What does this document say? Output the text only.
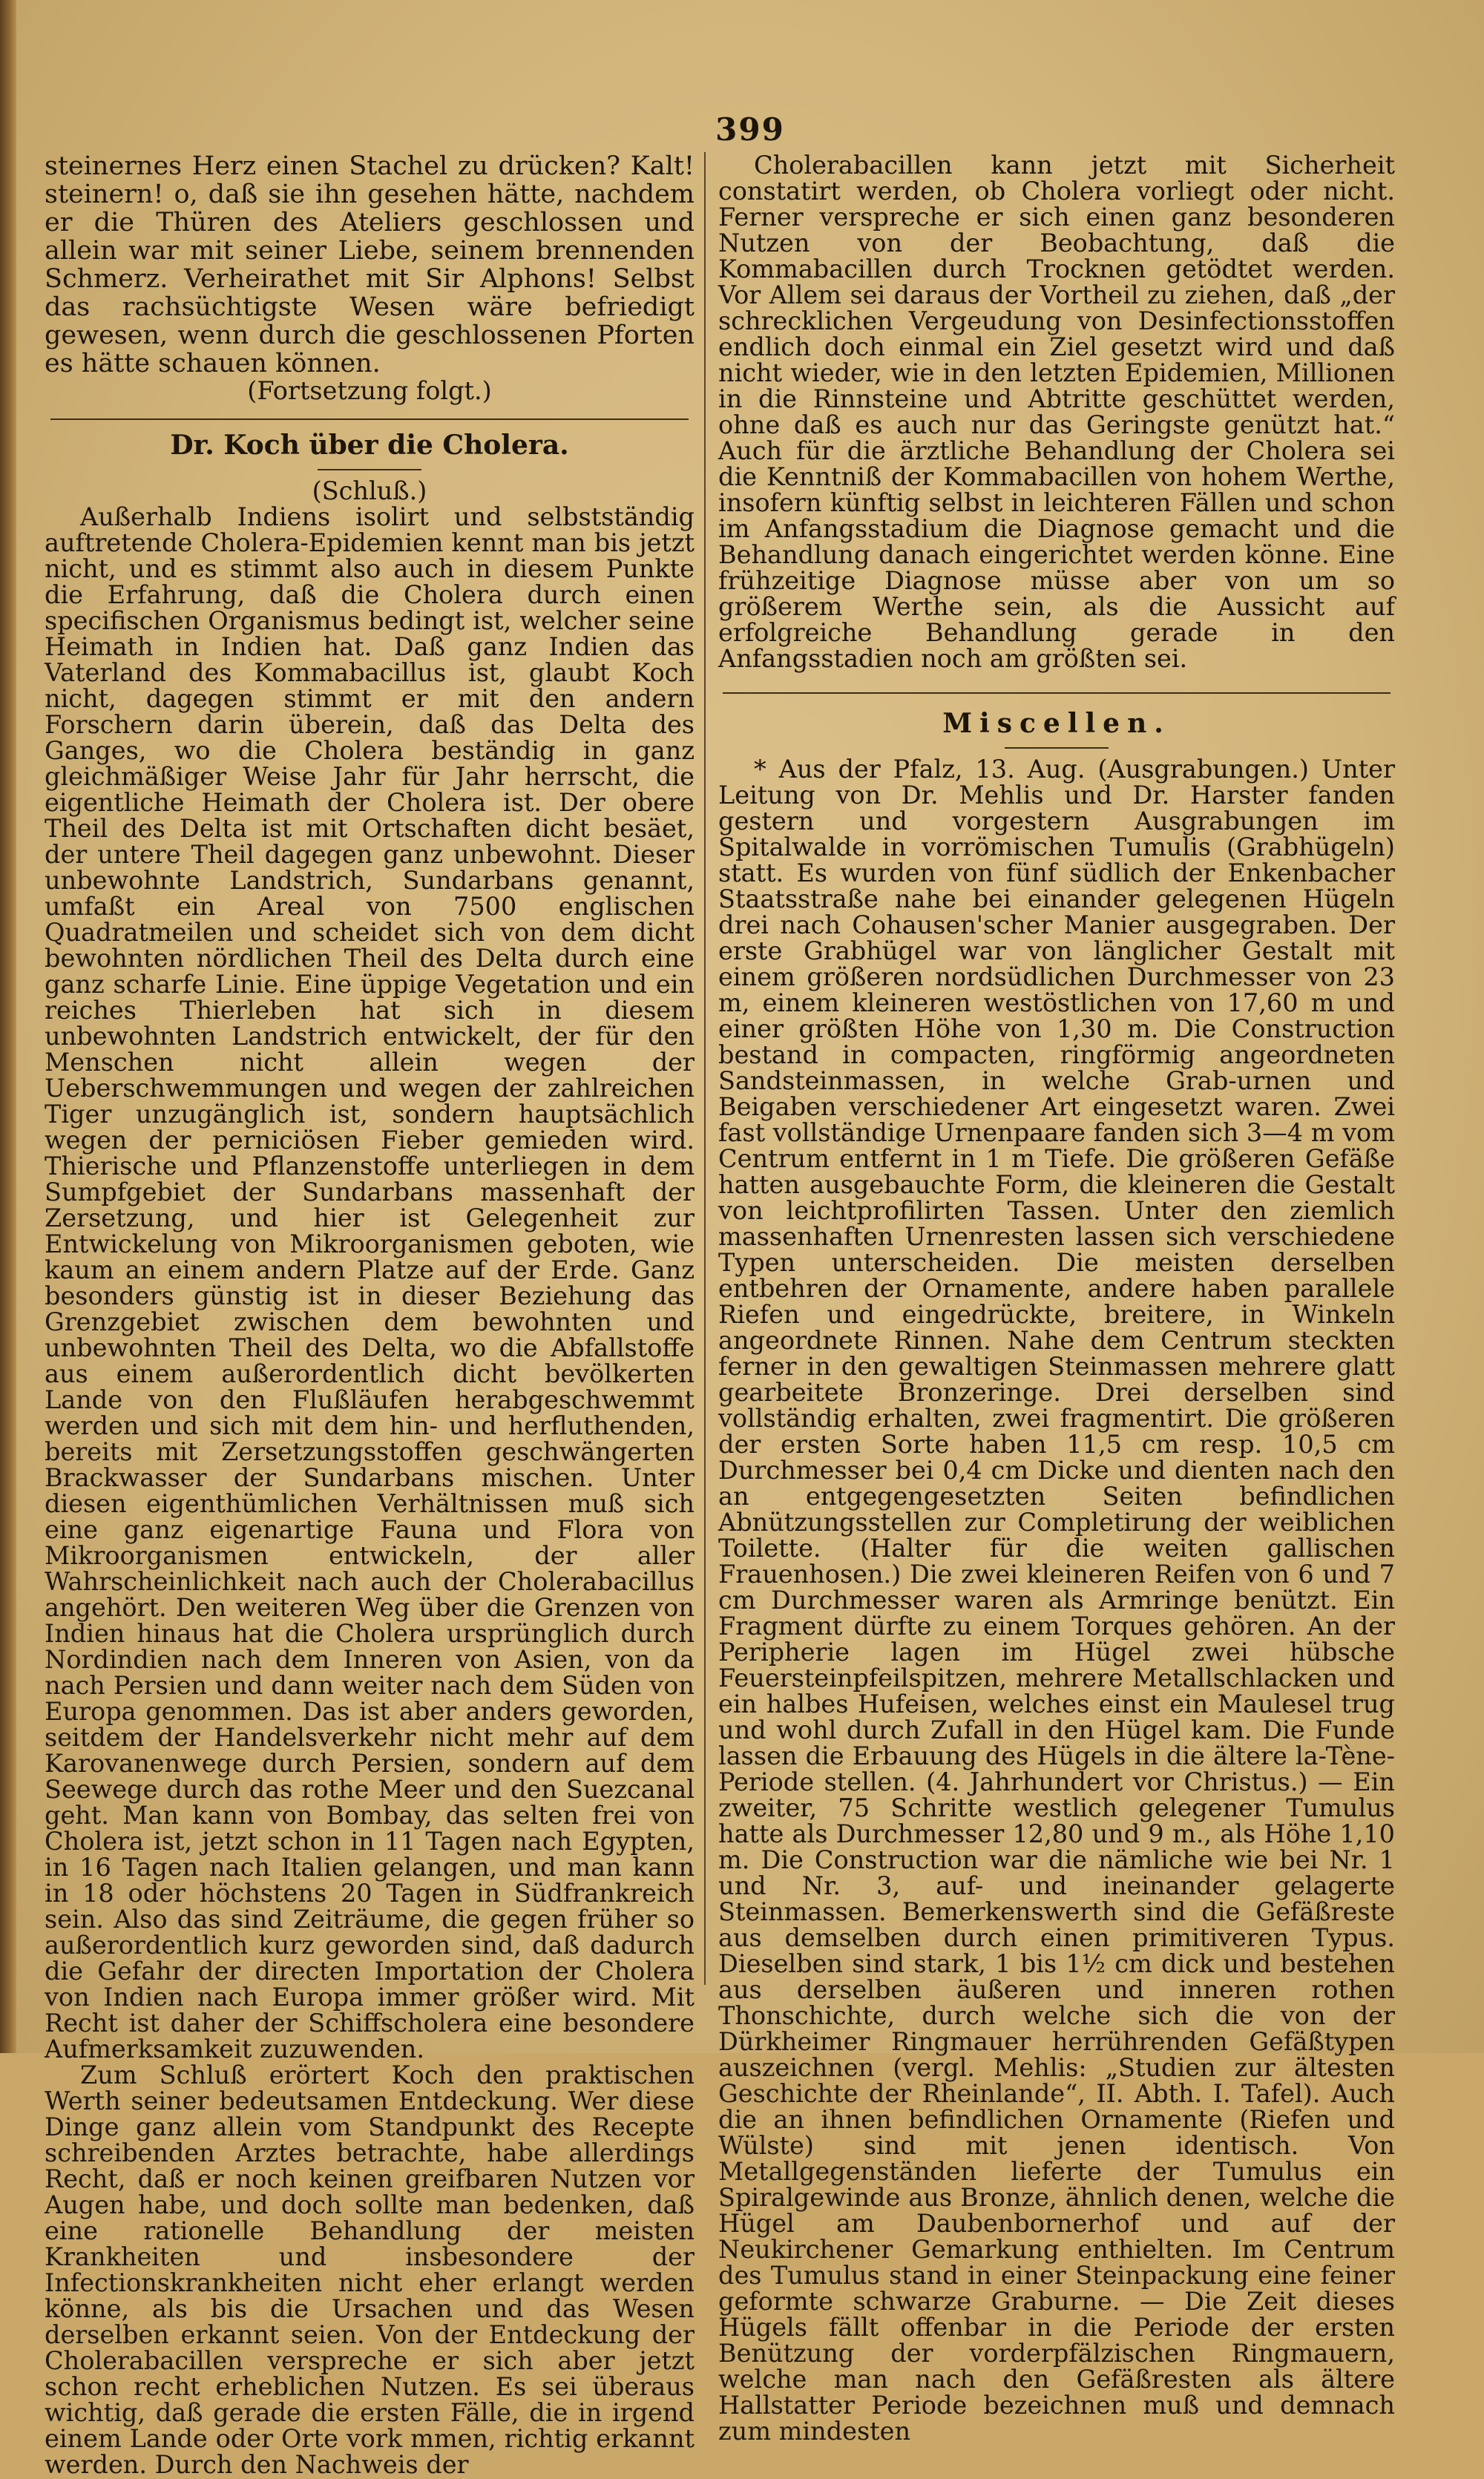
399

steinernes Herz einen Stachel zu drücken? Kalt! steinern! o, daß sie ihn gesehen hätte, nachdem er die Thüren des Ateliers geschlossen und allein war mit seiner Liebe, seinem brennenden Schmerz. Verheirathet mit Sir Alphons! Selbst das rachsüchtigste Wesen wäre befriedigt gewesen, wenn durch die geschlossenen Pforten es hätte schauen können.

(Fortsetzung folgt.)

Dr. Koch über die Cholera.

(Schluß.)

Außerhalb Indiens isolirt und selbstständig auftretende Cholera-Epidemien kennt man bis jetzt nicht, und es stimmt also auch in diesem Punkte die Erfahrung, daß die Cholera durch einen specifischen Organismus bedingt ist, welcher seine Heimath in Indien hat. Daß ganz Indien das Vaterland des Kommabacillus ist, glaubt Koch nicht, dagegen stimmt er mit den andern Forschern darin überein, daß das Delta des Ganges, wo die Cholera beständig in ganz gleichmäßiger Weise Jahr für Jahr herrscht, die eigentliche Heimath der Cholera ist. Der obere Theil des Delta ist mit Ortschaften dicht besäet, der untere Theil dagegen ganz unbewohnt. Dieser unbewohnte Landstrich, Sundarbans genannt, umfaßt ein Areal von 7500 englischen Quadratmeilen und scheidet sich von dem dicht bewohnten nördlichen Theil des Delta durch eine ganz scharfe Linie. Eine üppige Vegetation und ein reiches Thierleben hat sich in diesem unbewohnten Landstrich entwickelt, der für den Menschen nicht allein wegen der Ueberschwemmungen und wegen der zahlreichen Tiger unzugänglich ist, sondern hauptsächlich wegen der perniciösen Fieber gemieden wird. Thierische und Pflanzenstoffe unterliegen in dem Sumpfgebiet der Sundarbans massenhaft der Zersetzung, und hier ist Gelegenheit zur Entwickelung von Mikroorganismen geboten, wie kaum an einem andern Platze auf der Erde. Ganz besonders günstig ist in dieser Beziehung das Grenzgebiet zwischen dem bewohnten und unbewohnten Theil des Delta, wo die Abfallstoffe aus einem außerordentlich dicht bevölkerten Lande von den Flußläufen herabgeschwemmt werden und sich mit dem hin- und herfluthenden, bereits mit Zersetzungsstoffen geschwängerten Brackwasser der Sundarbans mischen. Unter diesen eigenthümlichen Verhältnissen muß sich eine ganz eigenartige Fauna und Flora von Mikroorganismen entwickeln, der aller Wahrscheinlichkeit nach auch der Cholerabacillus angehört. Den weiteren Weg über die Grenzen von Indien hinaus hat die Cholera ursprünglich durch Nordindien nach dem Inneren von Asien, von da nach Persien und dann weiter nach dem Süden von Europa genommen. Das ist aber anders geworden, seitdem der Handelsverkehr nicht mehr auf dem Karovanenwege durch Persien, sondern auf dem Seewege durch das rothe Meer und den Suezcanal geht. Man kann von Bombay, das selten frei von Cholera ist, jetzt schon in 11 Tagen nach Egypten, in 16 Tagen nach Italien gelangen, und man kann in 18 oder höchstens 20 Tagen in Südfrankreich sein. Also das sind Zeiträume, die gegen früher so außerordentlich kurz geworden sind, daß dadurch die Gefahr der directen Importation der Cholera von Indien nach Europa immer größer wird. Mit Recht ist daher der Schiffscholera eine besondere Aufmerksamkeit zuzuwenden.

Zum Schluß erörtert Koch den praktischen Werth seiner bedeutsamen Entdeckung. Wer diese Dinge ganz allein vom Standpunkt des Recepte schreibenden Arztes betrachte, habe allerdings Recht, daß er noch keinen greifbaren Nutzen vor Augen habe, und doch sollte man bedenken, daß eine rationelle Behandlung der meisten Krankheiten und insbesondere der Infectionskrankheiten nicht eher erlangt werden könne, als bis die Ursachen und das Wesen derselben erkannt seien. Von der Entdeckung der Cholerabacillen verspreche er sich aber jetzt schon recht erheblichen Nutzen. Es sei überaus wichtig, daß gerade die ersten Fälle, die in irgend einem Lande oder Orte vork mmen, richtig erkannt werden. Durch den Nachweis der

Cholerabacillen kann jetzt mit Sicherheit constatirt werden, ob Cholera vorliegt oder nicht. Ferner verspreche er sich einen ganz besonderen Nutzen von der Beobachtung, daß die Kommabacillen durch Trocknen getödtet werden. Vor Allem sei daraus der Vortheil zu ziehen, daß „der schrecklichen Vergeudung von Desinfectionsstoffen endlich doch einmal ein Ziel gesetzt wird und daß nicht wieder, wie in den letzten Epidemien, Millionen in die Rinnsteine und Abtritte geschüttet werden, ohne daß es auch nur das Geringste genützt hat.“ Auch für die ärztliche Behandlung der Cholera sei die Kenntniß der Kommabacillen von hohem Werthe, insofern künftig selbst in leichteren Fällen und schon im Anfangsstadium die Diagnose gemacht und die Behandlung danach eingerichtet werden könne. Eine frühzeitige Diagnose müsse aber von um so größerem Werthe sein, als die Aussicht auf erfolgreiche Behandlung gerade in den Anfangsstadien noch am größten sei.

Miscellen.

* Aus der Pfalz, 13. Aug. (Ausgrabungen.) Unter Leitung von Dr. Mehlis und Dr. Harster fanden gestern und vorgestern Ausgrabungen im Spitalwalde in vorrömischen Tumulis (Grabhügeln) statt. Es wurden von fünf südlich der Enkenbacher Staatsstraße nahe bei einander gelegenen Hügeln drei nach Cohausen'scher Manier ausgegraben. Der erste Grabhügel war von länglicher Gestalt mit einem größeren nordsüdlichen Durchmesser von 23 m, einem kleineren westöstlichen von 17,60 m und einer größten Höhe von 1,30 m. Die Construction bestand in compacten, ringförmig angeordneten Sandsteinmassen, in welche Grab-urnen und Beigaben verschiedener Art eingesetzt waren. Zwei fast vollständige Urnenpaare fanden sich 3—4 m vom Centrum entfernt in 1 m Tiefe. Die größeren Gefäße hatten ausgebauchte Form, die kleineren die Gestalt von leichtprofilirten Tassen. Unter den ziemlich massenhaften Urnenresten lassen sich verschiedene Typen unterscheiden. Die meisten derselben entbehren der Ornamente, andere haben parallele Riefen und eingedrückte, breitere, in Winkeln angeordnete Rinnen. Nahe dem Centrum steckten ferner in den gewaltigen Steinmassen mehrere glatt gearbeitete Bronzeringe. Drei derselben sind vollständig erhalten, zwei fragmentirt. Die größeren der ersten Sorte haben 11,5 cm resp. 10,5 cm Durchmesser bei 0,4 cm Dicke und dienten nach den an entgegengesetzten Seiten befindlichen Abnützungsstellen zur Completirung der weiblichen Toilette. (Halter für die weiten gallischen Frauenhosen.) Die zwei kleineren Reifen von 6 und 7 cm Durchmesser waren als Armringe benützt. Ein Fragment dürfte zu einem Torques gehören. An der Peripherie lagen im Hügel zwei hübsche Feuersteinpfeilspitzen, mehrere Metallschlacken und ein halbes Hufeisen, welches einst ein Maulesel trug und wohl durch Zufall in den Hügel kam. Die Funde lassen die Erbauung des Hügels in die ältere la-Tène-Periode stellen. (4. Jahrhundert vor Christus.) — Ein zweiter, 75 Schritte westlich gelegener Tumulus hatte als Durchmesser 12,80 und 9 m., als Höhe 1,10 m. Die Construction war die nämliche wie bei Nr. 1 und Nr. 3, auf- und ineinander gelagerte Steinmassen. Bemerkenswerth sind die Gefäßreste aus demselben durch einen primitiveren Typus. Dieselben sind stark, 1 bis 1½ cm dick und bestehen aus derselben äußeren und inneren rothen Thonschichte, durch welche sich die von der Dürkheimer Ringmauer herrührenden Gefäßtypen auszeichnen (vergl. Mehlis: „Studien zur ältesten Geschichte der Rheinlande“, II. Abth. I. Tafel). Auch die an ihnen befindlichen Ornamente (Riefen und Wülste) sind mit jenen identisch. Von Metallgegenständen lieferte der Tumulus ein Spiralgewinde aus Bronze, ähnlich denen, welche die Hügel am Daubenbornerhof und auf der Neukirchener Gemarkung enthielten. Im Centrum des Tumulus stand in einer Steinpackung eine feiner geformte schwarze Graburne. — Die Zeit dieses Hügels fällt offenbar in die Periode der ersten Benützung der vorderpfälzischen Ringmauern, welche man nach den Gefäßresten als ältere Hallstatter Periode bezeichnen muß und demnach zum mindesten
